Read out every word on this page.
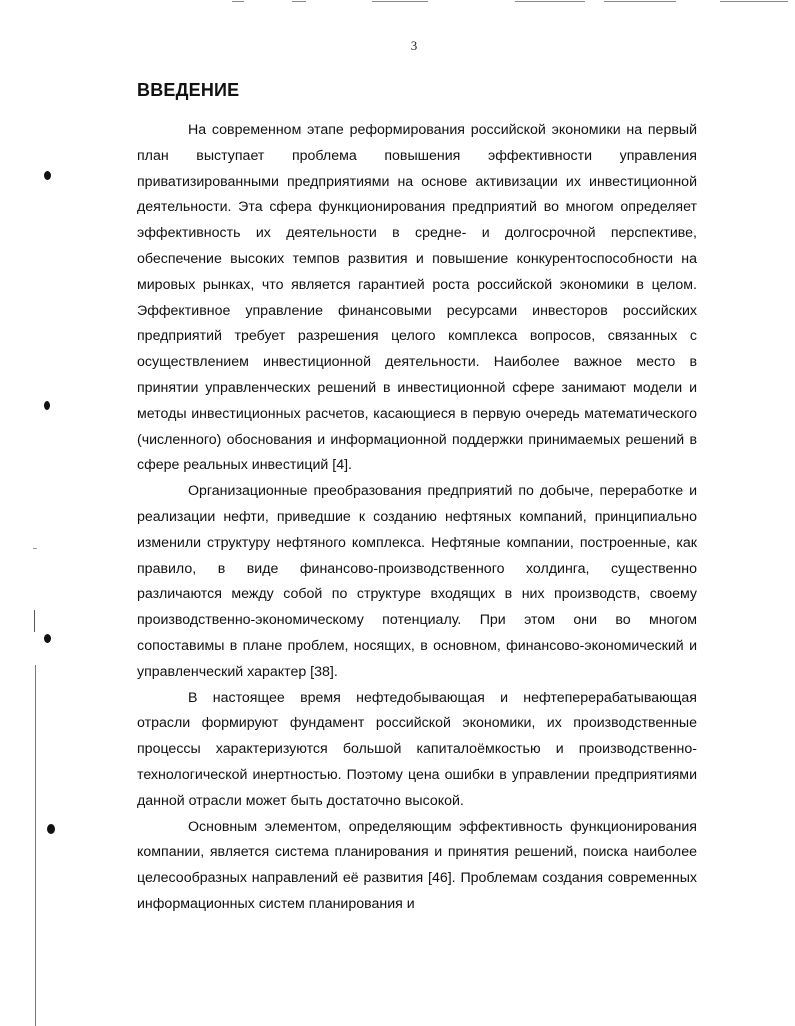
3
ВВЕДЕНИЕ

На современном этапе реформирования российской экономики на первый план выступает проблема повышения эффективности управления приватизированными предприятиями на основе активизации их инвестиционной деятельности. Эта сфера функционирования предприятий во многом определяет эффективность их деятельности в средне- и долгосрочной перспективе, обеспечение высоких темпов развития и повышение конкурентоспособности на мировых рынках, что является гарантией роста российской экономики в целом. Эффективное управление финансовыми ресурсами инвесторов российских предприятий требует разрешения целого комплекса вопросов, связанных с осуществлением инвестиционной деятельности. Наиболее важное место в принятии управленческих решений в инвестиционной сфере занимают модели и методы инвестиционных расчетов, касающиеся в первую очередь математического (численного) обоснования и информационной поддержки принимаемых решений в сфере реальных инвестиций [4].

Организационные преобразования предприятий по добыче, переработке и реализации нефти, приведшие к созданию нефтяных компаний, принципиально изменили структуру нефтяного комплекса. Нефтяные компании, построенные, как правило, в виде финансово-производственного холдинга, существенно различаются между собой по структуре входящих в них производств, своему производственно-экономическому потенциалу. При этом они во многом сопоставимы в плане проблем, носящих, в основном, финансово-экономический и управленческий характер [38].

В настоящее время нефтедобывающая и нефтеперерабатывающая отрасли формируют фундамент российской экономики, их производственные процессы характеризуются большой капиталоёмкостью и производственно-технологической инертностью. Поэтому цена ошибки в управлении предприятиями данной отрасли может быть достаточно высокой.

Основным элементом, определяющим эффективность функционирования компании, является система планирования и принятия решений, поиска наиболее целесообразных направлений её развития [46]. Проблемам создания современных информационных систем планирования и
